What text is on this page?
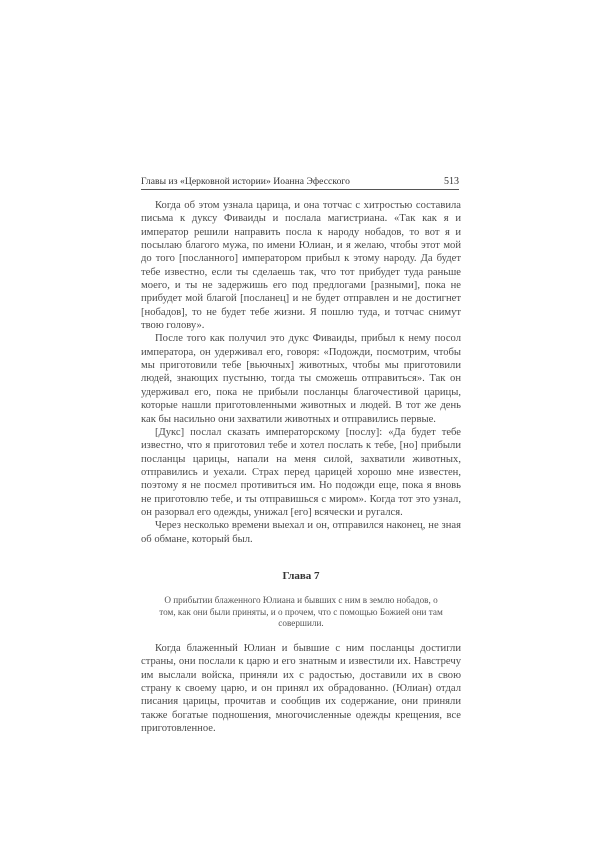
Главы из «Церковной истории» Иоанна Эфесского	513

Когда об этом узнала царица, и она тотчас с хитростью составила письма к дуксу Фиваиды и послала магистриана. «Так как я и император решили направить посла к народу нобадов, то вот я и посылаю благого мужа, по имени Юлиан, и я желаю, чтобы этот мой до того [посланного] императором прибыл к этому народу. Да будет тебе известно, если ты сделаешь так, что тот прибудет туда раньше моего, и ты не задержишь его под предлогами [разными], пока не прибудет мой благой [посланец] и не будет отправлен и не достигнет [нобадов], то не будет тебе жизни. Я пошлю туда, и тотчас снимут твою голову».

После того как получил это дукс Фиваиды, прибыл к нему посол императора, он удерживал его, говоря: «Подожди, посмотрим, чтобы мы приготовили тебе [вьючных] животных, чтобы мы приготовили людей, знающих пустыню, тогда ты сможешь отправиться». Так он удерживал его, пока не прибыли посланцы благочестивой царицы, которые нашли приготовленными животных и людей. В тот же день как бы насильно они захватили животных и отправились первые.

[Дукс] послал сказать императорскому [послу]: «Да будет тебе известно, что я приготовил тебе и хотел послать к тебе, [но] прибыли посланцы царицы, напали на меня силой, захватили животных, отправились и уехали. Страх перед царицей хорошо мне известен, поэтому я не посмел противиться им. Но подожди еще, пока я вновь не приготовлю тебе, и ты отправишься с миром». Когда тот это узнал, он разорвал его одежды, унижал [его] всячески и ругался.

Через несколько времени выехал и он, отправился наконец, не зная об обмане, который был.

Глава 7
О прибытии блаженного Юлиана и бывших с ним в землю нобадов, о том, как они были приняты, и о прочем, что с помощью Божией они там совершили.

Когда блаженный Юлиан и бывшие с ним посланцы достигли страны, они послали к царю и его знатным и известили их. Навстречу им выслали войска, приняли их с радостью, доставили их в свою страну к своему царю, и он принял их обрадованно. (Юлиан) отдал писания царицы, прочитав и сообщив их содержание, они приняли также богатые подношения, многочисленные одежды крещения, все приготовленное.
